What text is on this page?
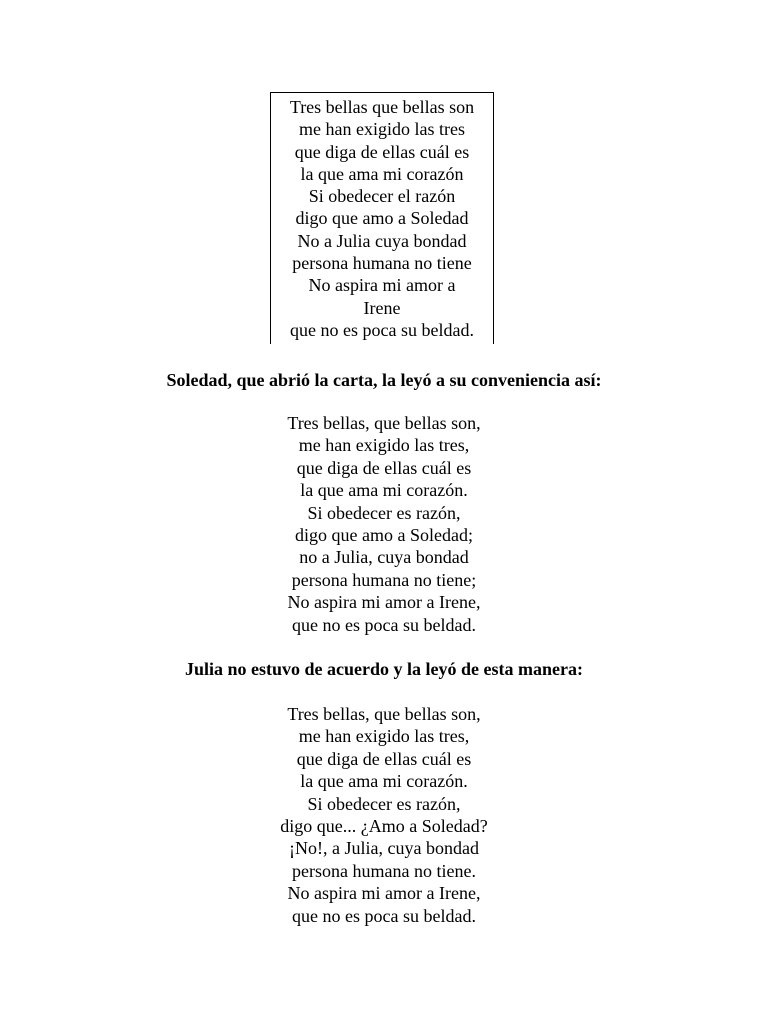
Tres bellas que bellas son
me han exigido las tres
que diga de ellas cuál es
la que ama mi corazón
Si obedecer el razón
digo que amo a Soledad
No a Julia cuya bondad
persona humana no tiene
No aspira mi amor a
Irene
que no es poca su beldad.
Soledad, que abrió la carta, la leyó a su conveniencia así:
Tres bellas, que bellas son,
me han exigido las tres,
que diga de ellas cuál es
la que ama mi corazón.
Si obedecer es razón,
digo que amo a Soledad;
no a Julia, cuya bondad
persona humana no tiene;
No aspira mi amor a Irene,
que no es poca su beldad.
Julia no estuvo de acuerdo y la leyó de esta manera:
Tres bellas, que bellas son,
me han exigido las tres,
que diga de ellas cuál es
la que ama mi corazón.
Si obedecer es razón,
digo que... ¿Amo a Soledad?
¡No!, a Julia, cuya bondad
persona humana no tiene.
No aspira mi amor a Irene,
que no es poca su beldad.
